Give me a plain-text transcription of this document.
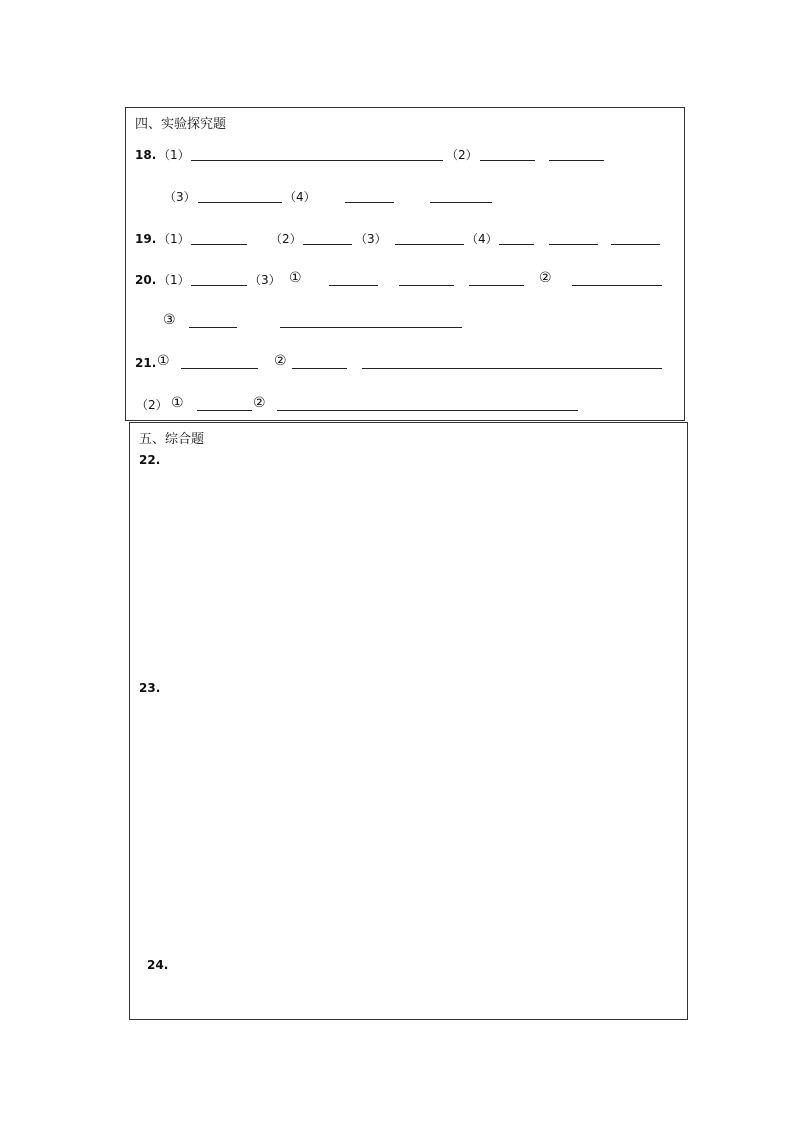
四、实验探究题
18. （1）	（2）
（3）	（4）
19. （1）	（2）	（3）	（4）
20. （1）	（3） ①	②
③
21. ①	②
（2） ①	②
五、综合题
22.
23.
24.
